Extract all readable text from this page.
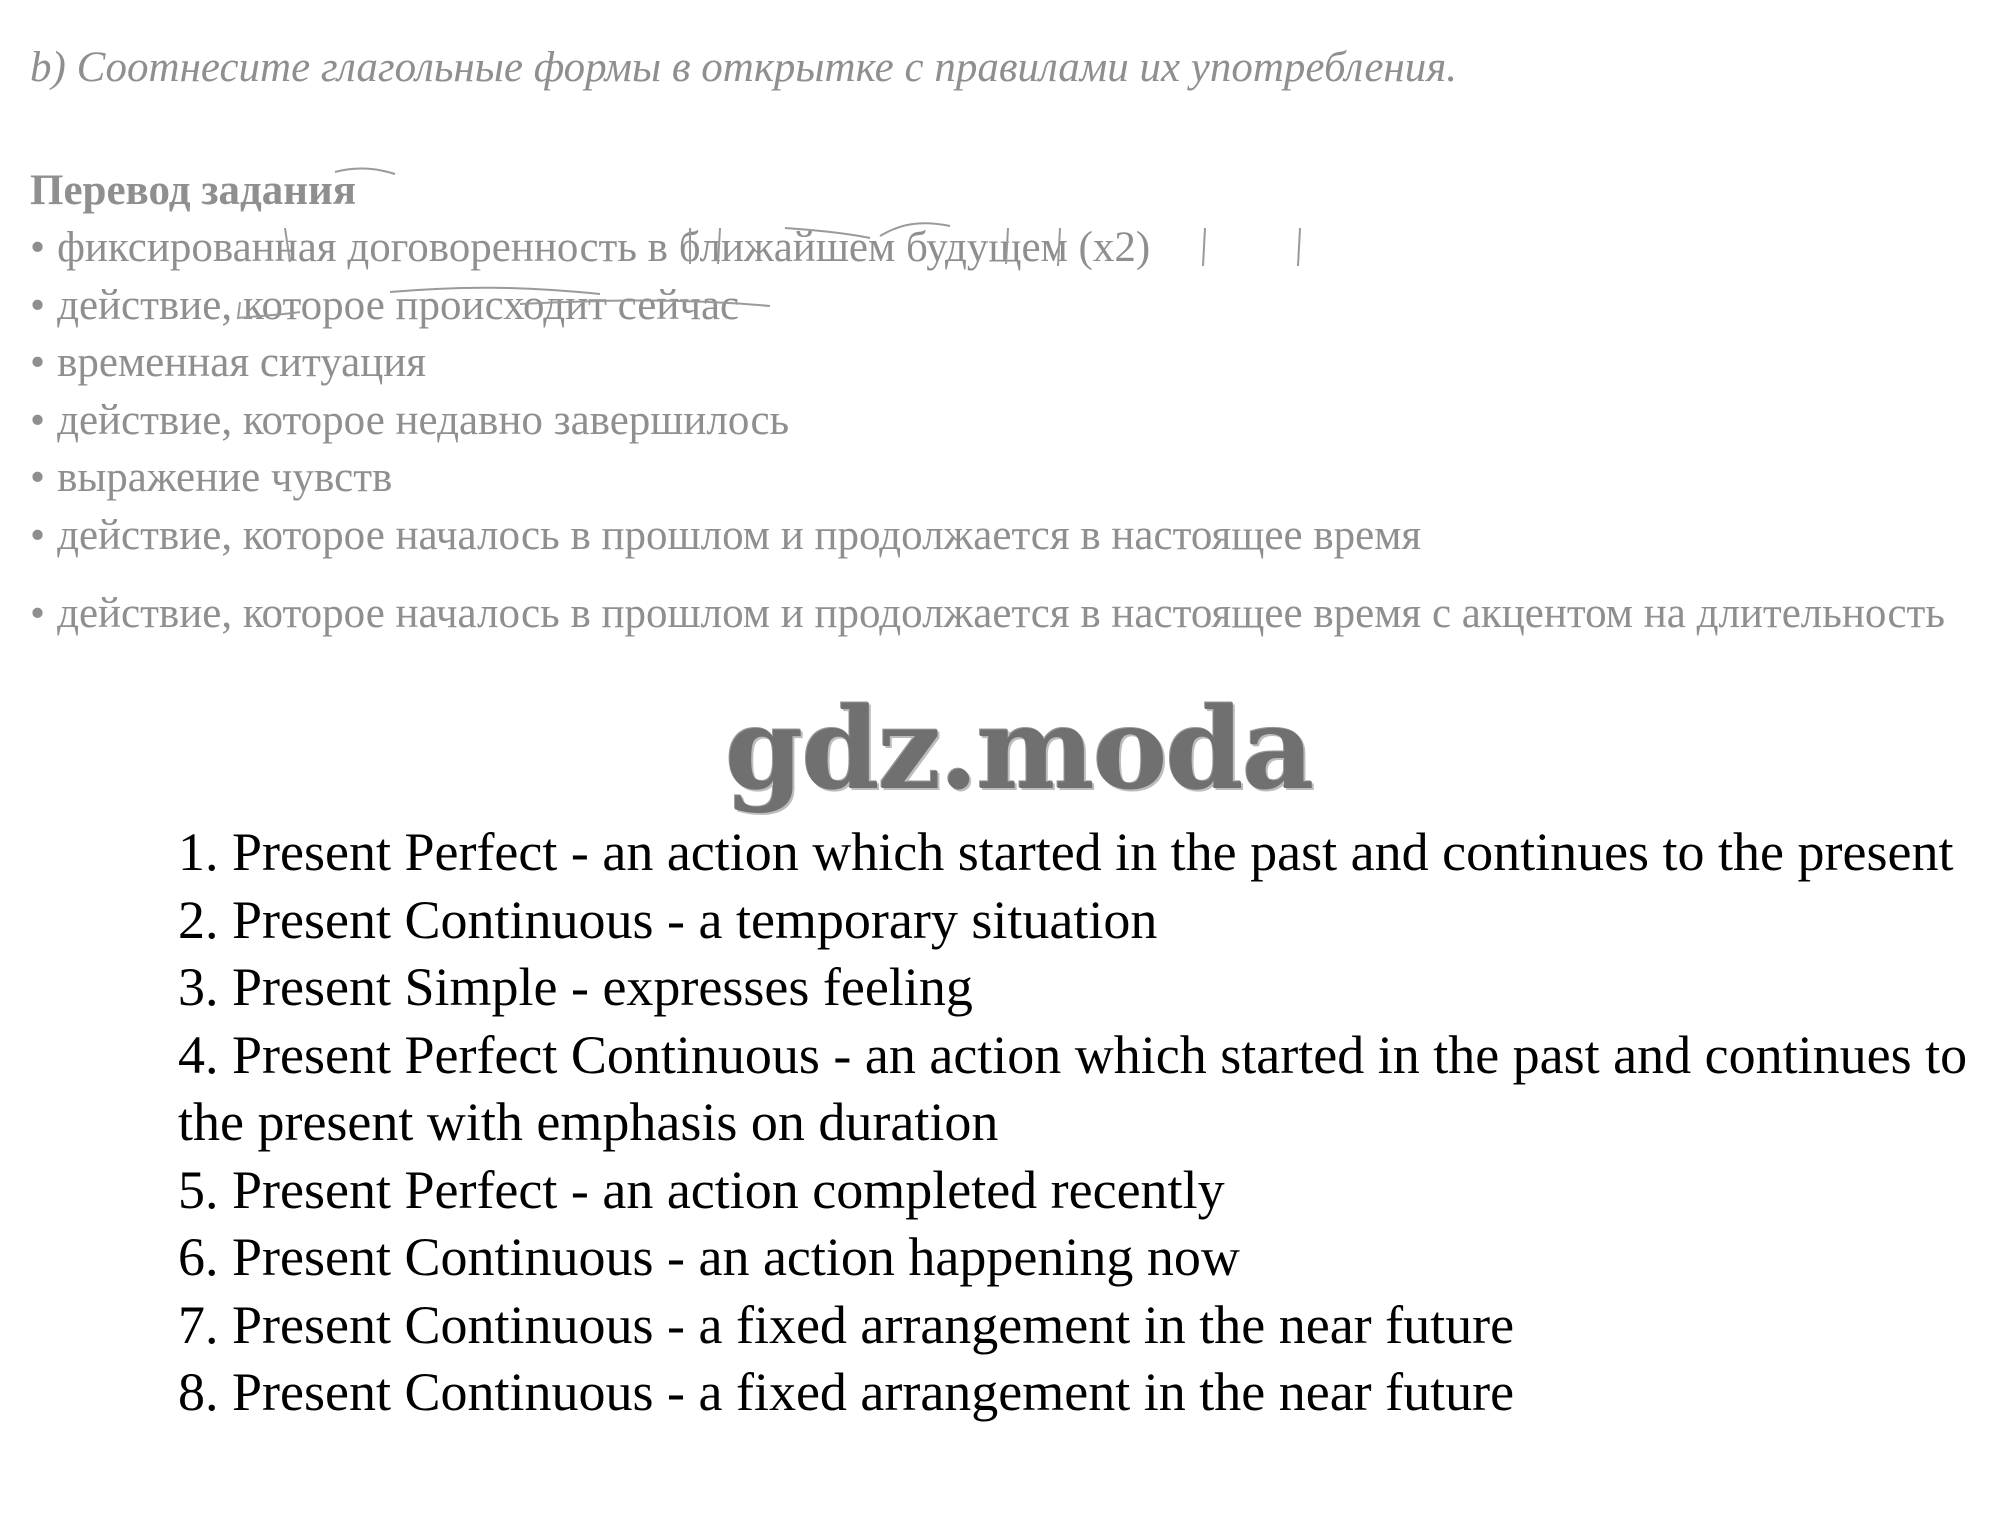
b) Соотнесите глагольные формы в открытке с правилами их употребления.
Перевод задания
• фиксированная договоренность в ближайшем будущем (x2)
• действие, которое происходит сейчас
• временная ситуация
• действие, которое недавно завершилось
• выражение чувств
• действие, которое началось в прошлом и продолжается в настоящее время
• действие, которое началось в прошлом и продолжается в настоящее время с акцентом на длительность
gdz.moda
1. Present Perfect - an action which started in the past and continues to the present
2. Present Continuous - a temporary situation
3. Present Simple - expresses feeling
4. Present Perfect Continuous - an action which started in the past and continues to the present with emphasis on duration
5. Present Perfect - an action completed recently
6. Present Continuous - an action happening now
7. Present Continuous - a fixed arrangement in the near future
8. Present Continuous - a fixed arrangement in the near future
